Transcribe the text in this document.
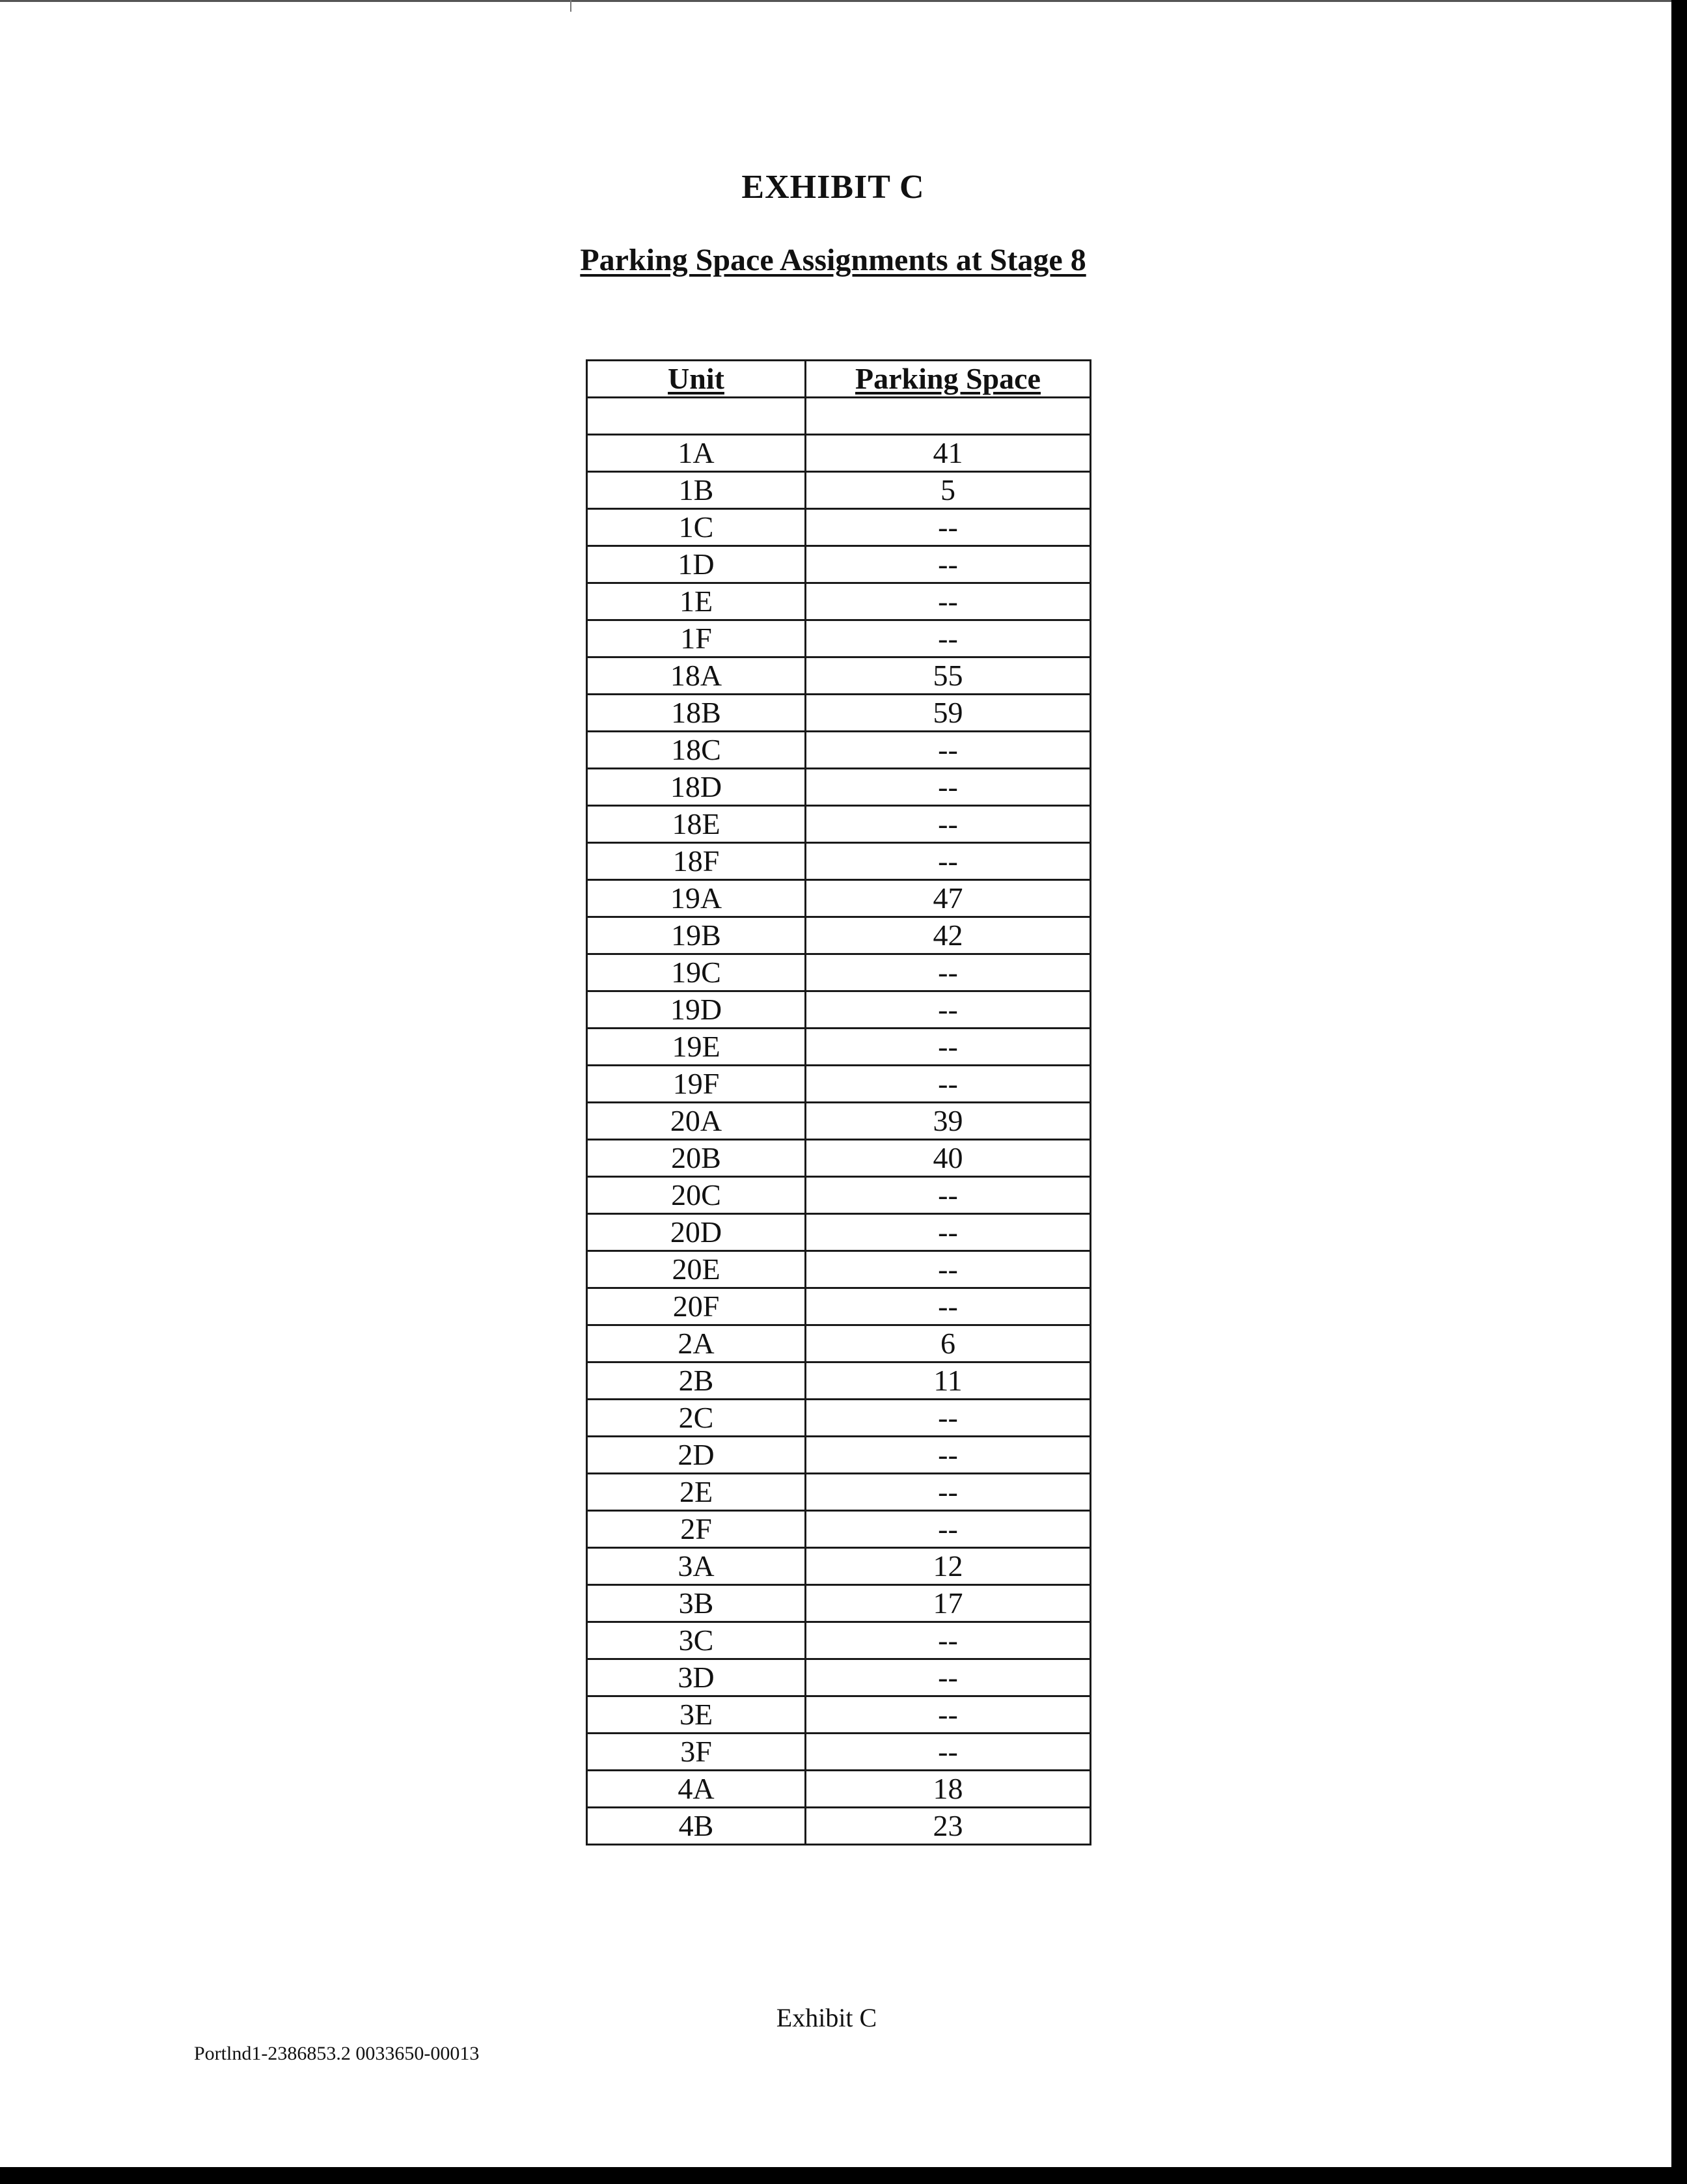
EXHIBIT C
Parking Space Assignments at Stage 8
Unit	Parking Space

1A	41
1B	5
1C	--
1D	--
1E	--
1F	--
18A	55
18B	59
18C	--
18D	--
18E	--
18F	--
19A	47
19B	42
19C	--
19D	--
19E	--
19F	--
20A	39
20B	40
20C	--
20D	--
20E	--
20F	--
2A	6
2B	11
2C	--
2D	--
2E	--
2F	--
3A	12
3B	17
3C	--
3D	--
3E	--
3F	--
4A	18
4B	23
Exhibit C
Portlnd1-2386853.2 0033650-00013
